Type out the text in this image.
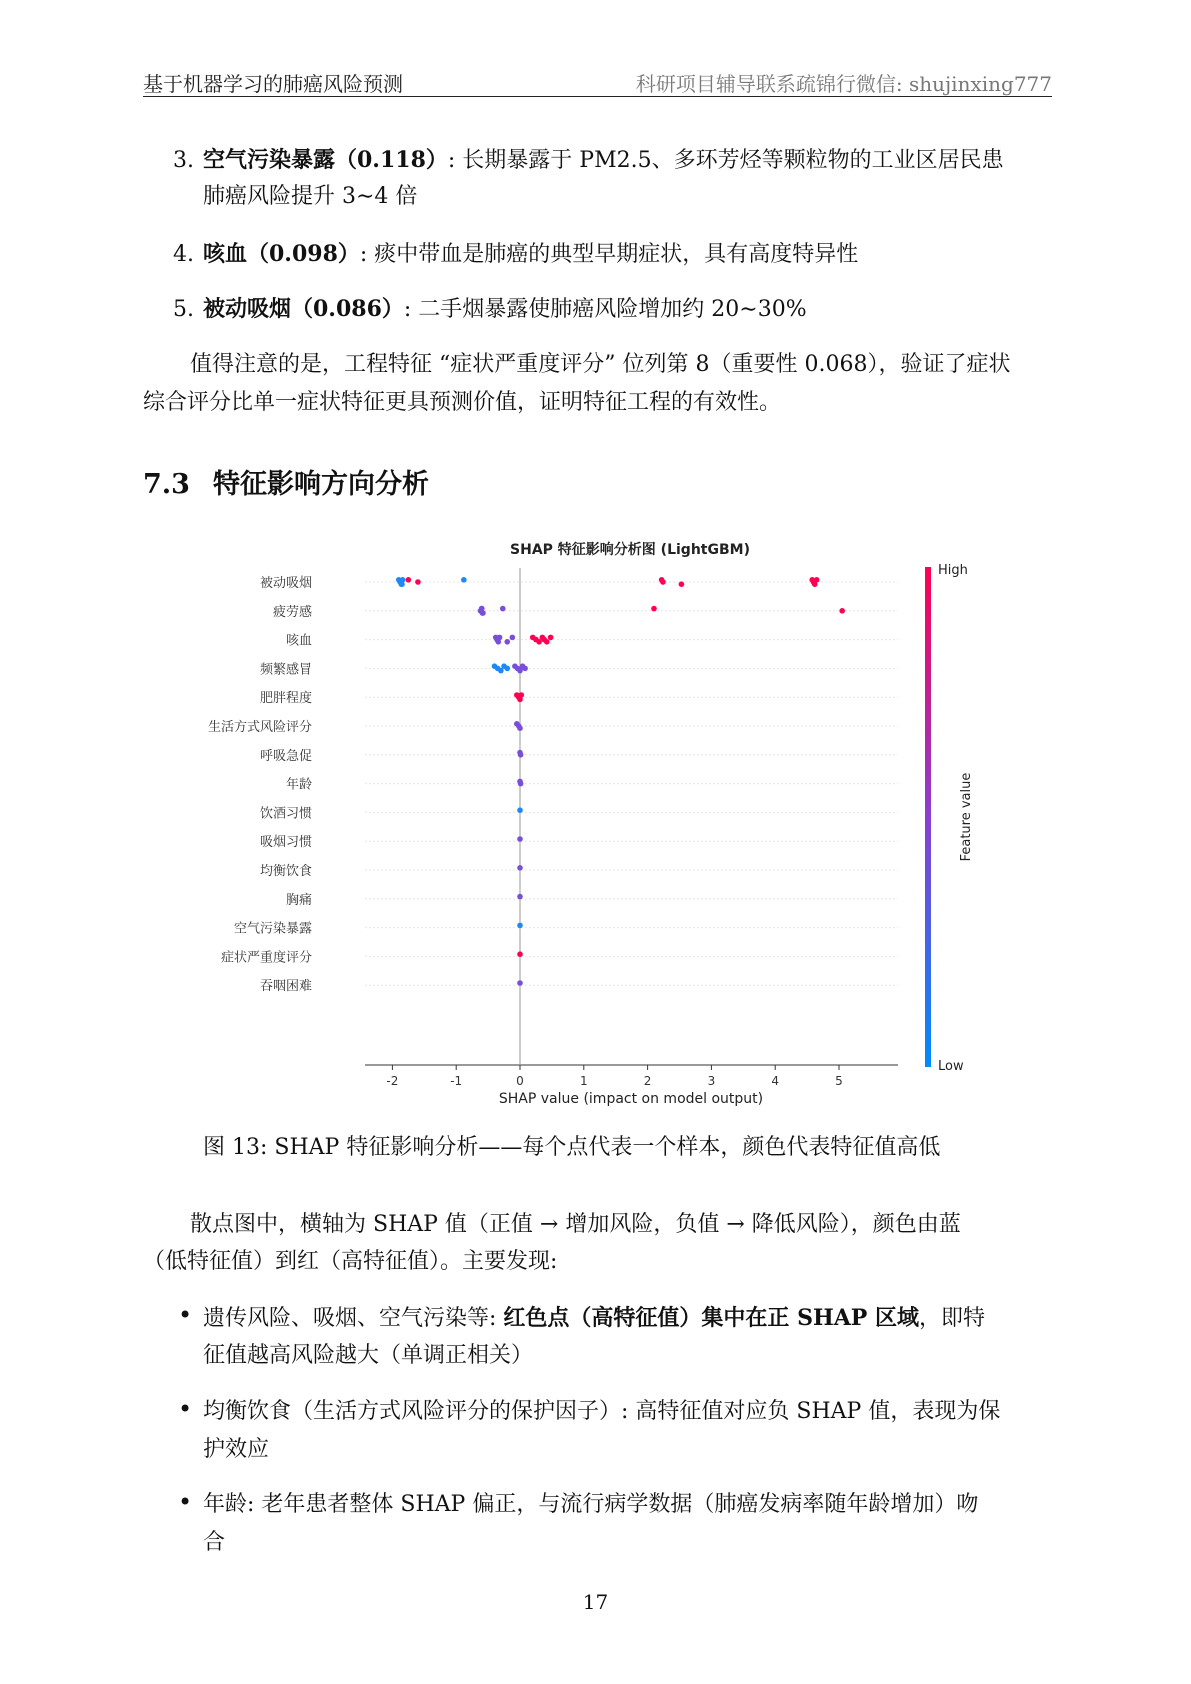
基于机器学习的肺癌风险预测	科研项目辅导联系疏锦行微信: shujinxing777
3. 空气污染暴露（0.118）: 长期暴露于 PM2.5、多环芳烃等颗粒物的工业区居民患
肺癌风险提升 3∼4 倍
4. 咳血（0.098）: 痰中带血是肺癌的典型早期症状，具有高度特异性
5. 被动吸烟（0.086）: 二手烟暴露使肺癌风险增加约 20∼30%
值得注意的是，工程特征 “症状严重度评分” 位列第 8（重要性 0.068），验证了症状
综合评分比单一症状特征更具预测价值，证明特征工程的有效性。
7.3 特征影响方向分析
SHAP 特征影响分析图 (LightGBM)
被动吸烟
疲劳感
咳血
频繁感冒
肥胖程度
生活方式风险评分
呼吸急促
年龄
饮酒习惯
吸烟习惯
均衡饮食
胸痛
空气污染暴露
症状严重度评分
吞咽困难
-2	-1	0	1	2	3	4	5
SHAP value (impact on model output)
High
Low
Feature value
图 13: SHAP 特征影响分析——每个点代表一个样本，颜色代表特征值高低
散点图中，横轴为 SHAP 值（正值 → 增加风险，负值 → 降低风险），颜色由蓝
（低特征值）到红（高特征值）。主要发现:
• 遗传风险、吸烟、空气污染等: 红色点（高特征值）集中在正 SHAP 区域，即特
征值越高风险越大（单调正相关）
• 均衡饮食（生活方式风险评分的保护因子）: 高特征值对应负 SHAP 值，表现为保
护效应
• 年龄: 老年患者整体 SHAP 偏正，与流行病学数据（肺癌发病率随年龄增加）吻
合
17
